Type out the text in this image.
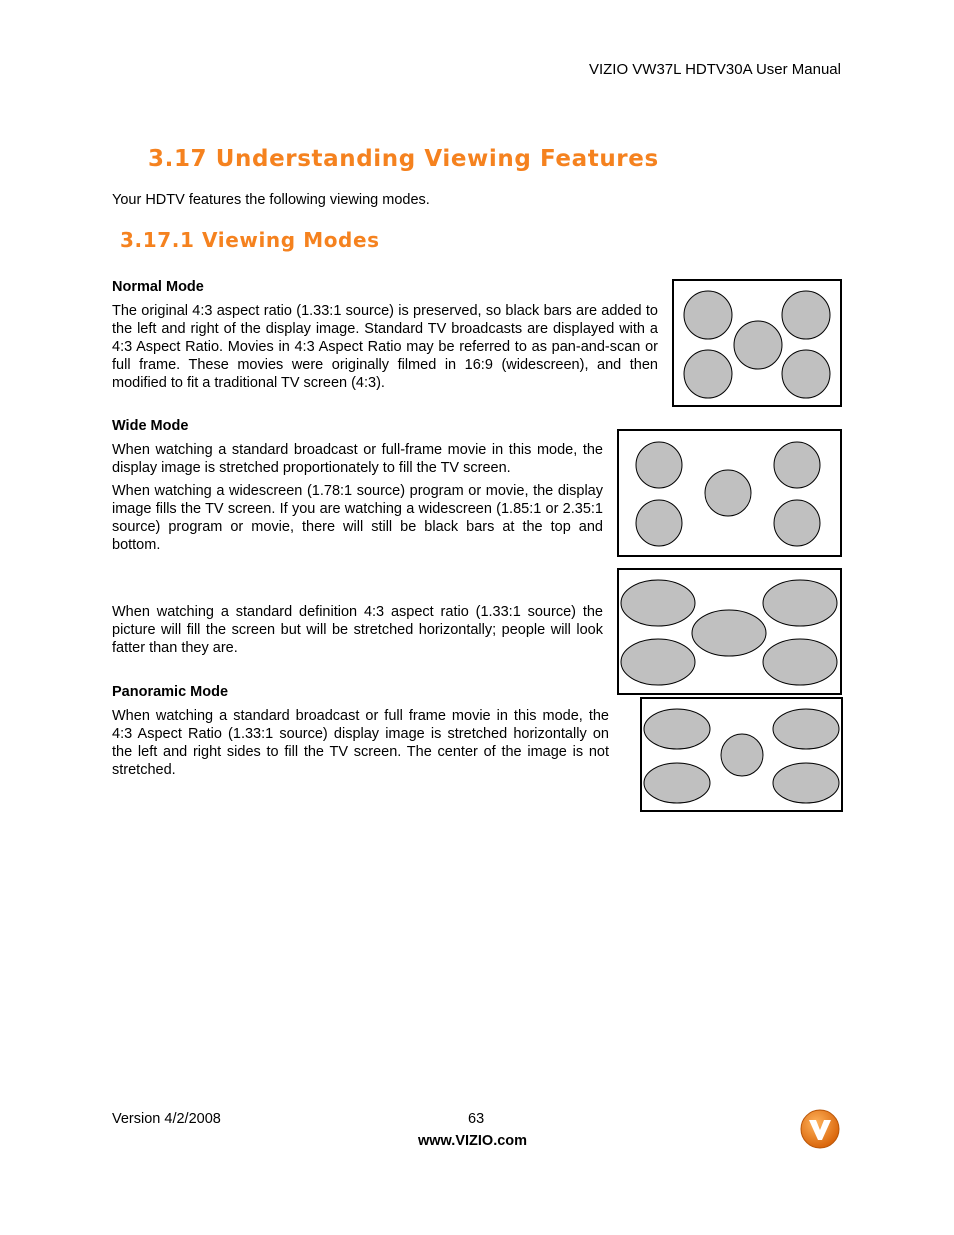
VIZIO VW37L HDTV30A User Manual
3.17 Understanding Viewing Features
Your HDTV features the following viewing modes.
3.17.1 Viewing Modes
Normal Mode

The original 4:3 aspect ratio (1.33:1 source) is preserved, so black bars are added to the left and right of the display image. Standard TV broadcasts are displayed with a 4:3 Aspect Ratio. Movies in 4:3 Aspect Ratio may be referred to as pan-and-scan or full frame. These movies were originally filmed in 16:9 (widescreen), and then modified to fit a traditional TV screen (4:3).

Wide Mode

When watching a standard broadcast or full-frame movie in this mode, the display image is stretched proportionately to fill the TV screen.

When watching a widescreen (1.78:1 source) program or movie, the display image fills the TV screen. If you are watching a widescreen (1.85:1 or 2.35:1 source) program or movie, there will still be black bars at the top and bottom.

When watching a standard definition 4:3 aspect ratio (1.33:1 source) the picture will fill the screen but will be stretched horizontally; people will look fatter than they are.

Panoramic Mode

When watching a standard broadcast or full frame movie in this mode, the 4:3 Aspect Ratio (1.33:1 source) display image is stretched horizontally on the left and right sides to fill the TV screen. The center of the image is not stretched.

Version 4/2/2008	63
www.VIZIO.com
